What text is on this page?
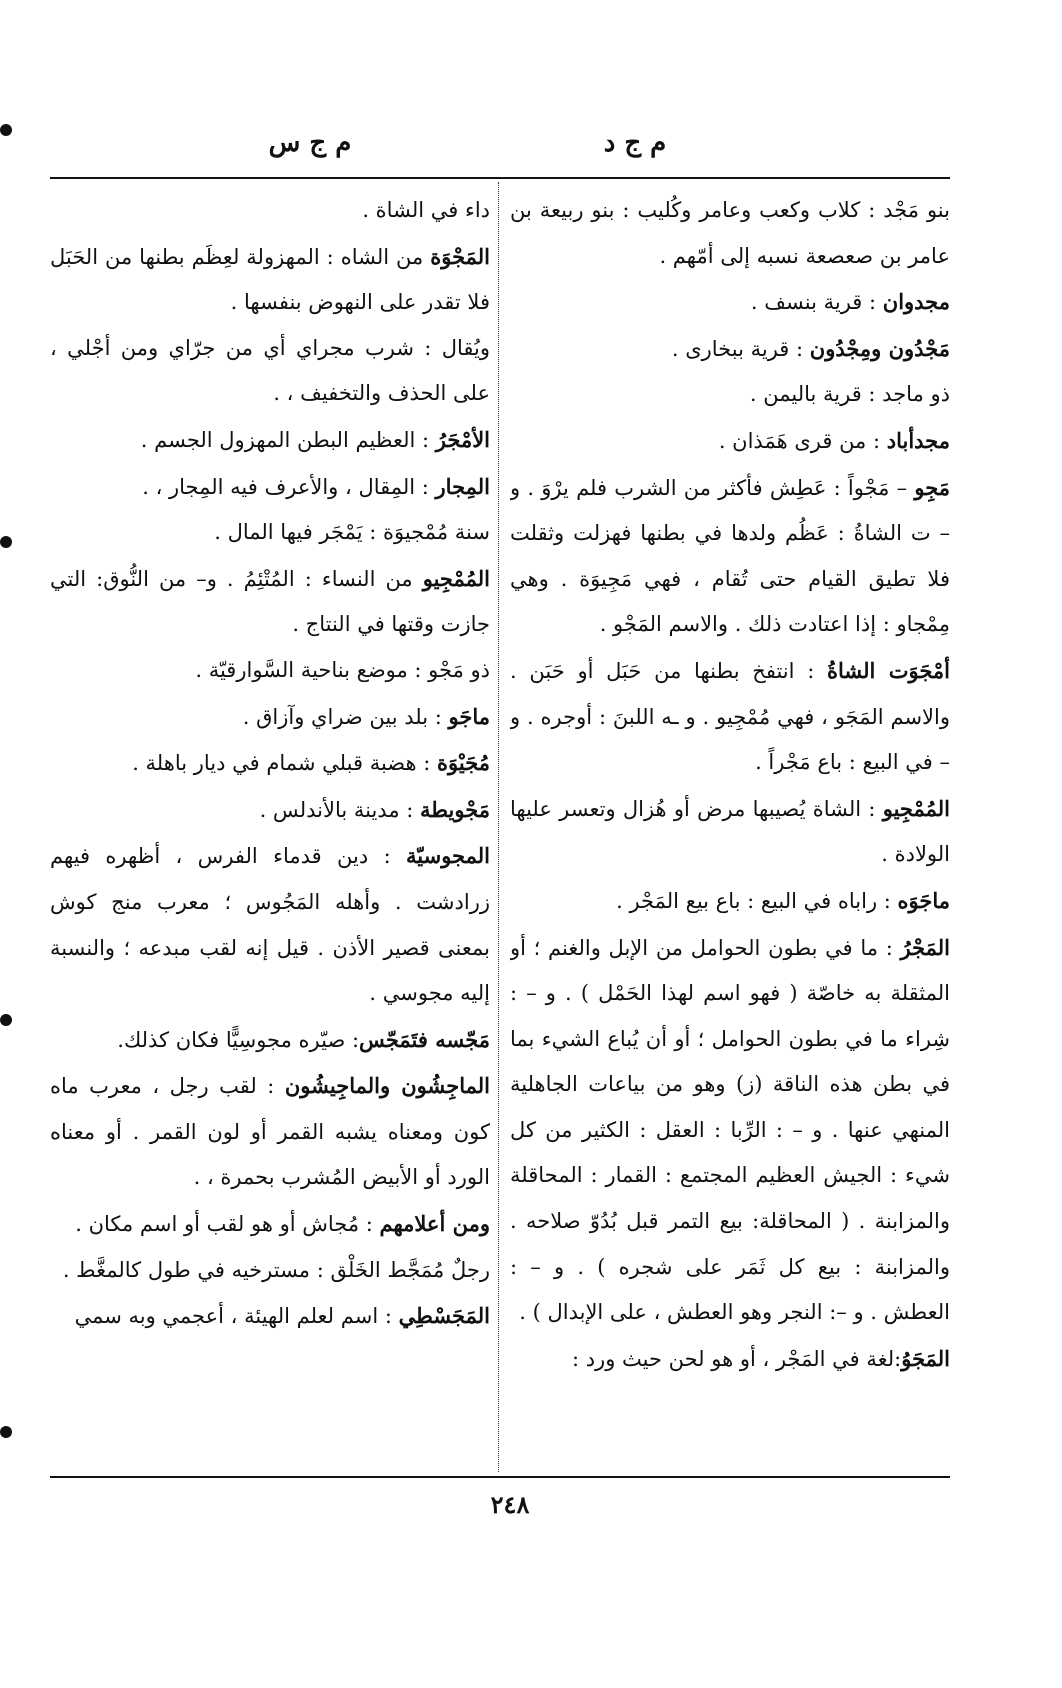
م ج د
م ج س

بنو مَجْد : كلاب وكعب وعامر وكُليب : بنو ربيعة بن عامر بن صعصعة نسبه إلى أمّهم .

مجدوان : قرية بنسف .

مَجْدُون ومِجْدُون : قرية ببخارى .

ذو ماجد : قرية باليمن .

مجدأباد : من قرى هَمَذان .

مَجِو – مَجْواً : عَطِش فأكثر من الشرب فلم يرْوَ . و – ت الشاةُ : عَظُم ولدها في بطنها فهزلت وثقلت فلا تطيق القيام حتى تُقام ، فهي مَجِيوَة . وهي مِمْجاو : إذا اعتادت ذلك . والاسم المَجْو .

أمْجَوَت الشاةُ : انتفخ بطنها من حَبَل أو حَبَن . والاسم المَجَو ، فهي مُمْجِيو . و ـه اللبنَ : أوجره . و – في البيع : باع مَجْراً .

المُمْجِيو : الشاة يُصيبها مرض أو هُزال وتعسر عليها الولادة .

ماجَوَه : راباه في البيع : باع بيع المَجْر .

المَجْرُ : ما في بطون الحوامل من الإبل والغنم ؛ أو المثقلة به خاصّة ( فهو اسم لهذا الحَمْل ) . و – : شِراء ما في بطون الحوامل ؛ أو أن يُباع الشيء بما في بطن هذه الناقة (ز) وهو من بياعات الجاهلية المنهي عنها . و – : الرِّبا : العقل : الكثير من كل شيء : الجيش العظيم المجتمع : القمار : المحاقلة والمزابنة . ( المحاقلة: بيع التمر قبل بُدُوّ صلاحه . والمزابنة : بيع كل ثَمَر على شجره ) . و – : العطش . و –: النجر وهو العطش ، على الإبدال ) .

المَجَوُ:لغة في المَجْر ، أو هو لحن حيث ورد :

داء في الشاة .

المَجْوَة من الشاه : المهزولة لعِظَم بطنها من الحَبَل فلا تقدر على النهوض بنفسها .

ويُقال : شرب مجراي أي من جرّاي ومن أجْلي ، على الحذف والتخفيف ، .

الأمْجَرُ : العظيم البطن المهزول الجسم .

المِجار : المِقال ، والأعرف فيه المِجار ، .

سنة مُمْجيوَة : يَمْجَر فيها المال .

المُمْجِيو من النساء : المُتْئِمُ . و– من النُّوق: التي جازت وقتها في النتاج .

ذو مَجْو : موضع بناحية السَّوارقيّة .

ماجَو : بلد بين ضراي وآزاق .

مُجَيْوَة : هضبة قبلي شمام في ديار باهلة .

مَجْويطة : مدينة بالأندلس .

المجوسيّة : دين قدماء الفرس ، أظهره فيهم زرادشت . وأهله المَجُوس ؛ معرب منج كوش بمعنى قصير الأذن . قيل إنه لقب مبدعه ؛ والنسبة إليه مجوسي .

مَجّسه فتَمَجّس: صيّره مجوسِيًّا فكان كذلك.

الماجِشُون والماجِيشُون : لقب رجل ، معرب ماه كون ومعناه يشبه القمر أو لون القمر . أو معناه الورد أو الأبيض المُشرب بحمرة ، .

ومن أعلامهم : مُجاش أو هو لقب أو اسم مكان .

رجلٌ مُمَجَّط الخَلْق : مسترخيه في طول كالمغَّط .

المَجَسْطِي : اسم لعلم الهيئة ، أعجمي وبه سمي

٢٤٨
